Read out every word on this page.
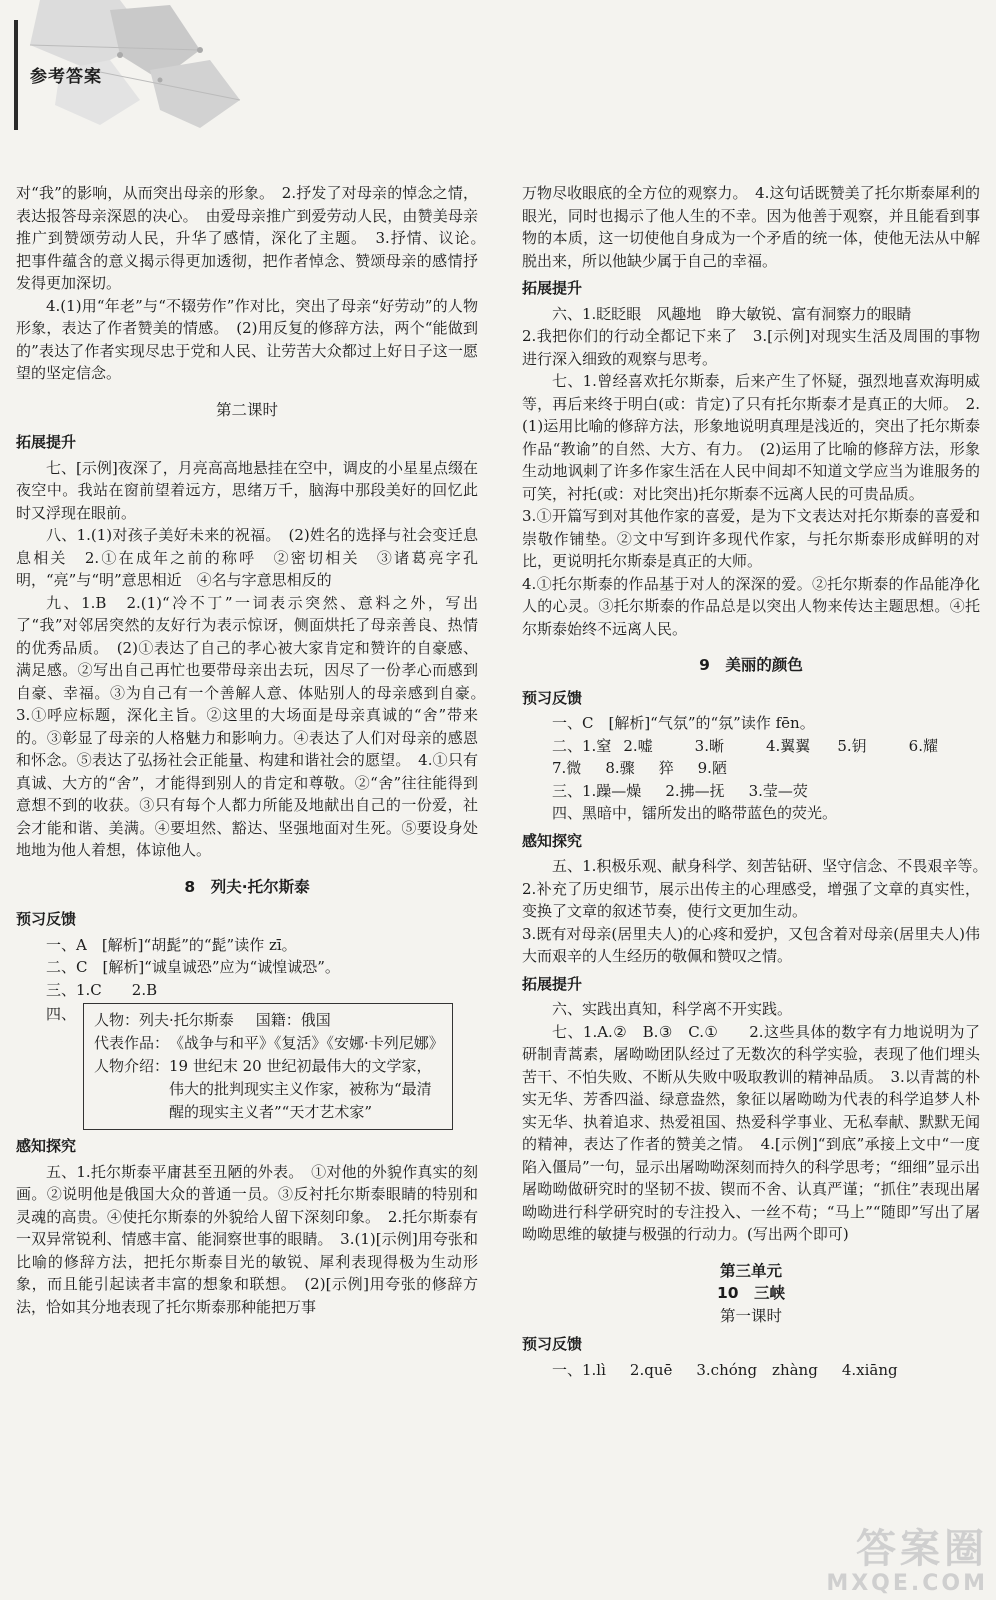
参考答案

对“我”的影响，从而突出母亲的形象。　2.抒发了对母亲的悼念之情，表达报答母亲深恩的决心。　由爱母亲推广到爱劳动人民，由赞美母亲推广到赞颂劳动人民，升华了感情，深化了主题。　3.抒情、议论。　把事件蕴含的意义揭示得更加透彻，把作者悼念、赞颂母亲的感情抒发得更加深切。

4.(1)用“年老”与“不辍劳作”作对比，突出了母亲“好劳动”的人物形象，表达了作者赞美的情感。　(2)用反复的修辞方法，两个“能做到的”表达了作者实现尽忠于党和人民、让劳苦大众都过上好日子这一愿望的坚定信念。

第二课时
拓展提升

七、[示例]夜深了，月亮高高地悬挂在空中，调皮的小星星点缀在夜空中。我站在窗前望着远方，思绪万千，脑海中那段美好的回忆此时又浮现在眼前。

八、1.(1)对孩子美好未来的祝福。　(2)姓名的选择与社会变迁息息相关　2.①在成年之前的称呼　②密切相关　③诸葛亮字孔明，“亮”与“明”意思相近　④名与字意思相反的

九、1.B　2.(1)“冷不丁”一词表示突然、意料之外，写出了“我”对邻居突然的友好行为表示惊讶，侧面烘托了母亲善良、热情的优秀品质。　(2)①表达了自己的孝心被大家肯定和赞许的自豪感、满足感。②写出自己再忙也要带母亲出去玩，因尽了一份孝心而感到自豪、幸福。③为自己有一个善解人意、体贴别人的母亲感到自豪。　3.①呼应标题，深化主旨。②这里的大场面是母亲真诚的“舍”带来的。③彰显了母亲的人格魅力和影响力。④表达了人们对母亲的感恩和怀念。⑤表达了弘扬社会正能量、构建和谐社会的愿望。　4.①只有真诚、大方的“舍”，才能得到别人的肯定和尊敬。②“舍”往往能得到意想不到的收获。③只有每个人都力所能及地献出自己的一份爱，社会才能和谐、美满。④要坦然、豁达、坚强地面对生死。⑤要设身处地地为他人着想，体谅他人。

8　列夫·托尔斯泰
预习反馈

一、A　[解析]“胡髭”的“髭”读作 zī。

二、C　[解析]“诚皇诚恐”应为“诚惶诚恐”。

三、1.C　　2.B

四、	人物：列夫·托尔斯泰 国籍：俄国
代表作品： 《战争与和平》《复活》《安娜·卡列尼娜》
人物介绍： 19 世纪末 20 世纪初最伟大的文学家，伟大的批判现实主义作家，被称为“最清醒的现实主义者”“天才艺术家”
感知探究

五、1.托尔斯泰平庸甚至丑陋的外表。　①对他的外貌作真实的刻画。②说明他是俄国大众的普通一员。③反衬托尔斯泰眼睛的特别和灵魂的高贵。④使托尔斯泰的外貌给人留下深刻印象。　2.托尔斯泰有一双异常锐利、情感丰富、能洞察世事的眼睛。　3.(1)[示例]用夸张和比喻的修辞方法，把托尔斯泰目光的敏锐、犀利表现得极为生动形象，而且能引起读者丰富的想象和联想。　(2)[示例]用夸张的修辞方法，恰如其分地表现了托尔斯泰那种能把万事

万物尽收眼底的全方位的观察力。　4.这句话既赞美了托尔斯泰犀利的眼光，同时也揭示了他人生的不幸。因为他善于观察，并且能看到事物的本质，这一切使他自身成为一个矛盾的统一体，使他无法从中解脱出来，所以他缺少属于自己的幸福。

拓展提升

六、1.眨眨眼　风趣地　睁大敏锐、富有洞察力的眼睛

2.我把你们的行动全都记下来了　3.[示例]对现实生活及周围的事物进行深入细致的观察与思考。

七、1.曾经喜欢托尔斯泰，后来产生了怀疑，强烈地喜欢海明威等，再后来终于明白(或：肯定)了只有托尔斯泰才是真正的大师。　2.(1)运用比喻的修辞方法，形象地说明真理是浅近的，突出了托尔斯泰作品“教谕”的自然、大方、有力。　(2)运用了比喻的修辞方法，形象生动地讽刺了许多作家生活在人民中间却不知道文学应当为谁服务的可笑，衬托(或：对比突出)托尔斯泰不远离人民的可贵品质。

3.①开篇写到对其他作家的喜爱，是为下文表达对托尔斯泰的喜爱和崇敬作铺垫。②文中写到许多现代作家，与托尔斯泰形成鲜明的对比，更说明托尔斯泰是真正的大师。

4.①托尔斯泰的作品基于对人的深深的爱。②托尔斯泰的作品能净化人的心灵。③托尔斯泰的作品总是以突出人物来传达主题思想。④托尔斯泰始终不远离人民。

9　美丽的颜色
预习反馈

一、C　[解析]“气氛”的“氛”读作 fēn。

二、1.窒 2.嘘	3.晰	4.翼翼	5.钥	6.耀
7.微 8.骤 猝 9.陋
三、1.躁—燥 2.拂—抚 3.莹—荧

四、黑暗中，镭所发出的略带蓝色的荧光。

感知探究

五、1.积极乐观、献身科学、刻苦钻研、坚守信念、不畏艰辛等。　2.补充了历史细节，展示出传主的心理感受，增强了文章的真实性，变换了文章的叙述节奏，使行文更加生动。

3.既有对母亲(居里夫人)的心疼和爱护，又包含着对母亲(居里夫人)伟大而艰辛的人生经历的敬佩和赞叹之情。

拓展提升

六、实践出真知，科学离不开实践。

七、1.A.②　B.③　C.①　　2.这些具体的数字有力地说明为了研制青蒿素，屠呦呦团队经过了无数次的科学实验，表现了他们埋头苦干、不怕失败、不断从失败中吸取教训的精神品质。　3.以青蒿的朴实无华、芳香四溢、绿意盎然，象征以屠呦呦为代表的科学追梦人朴实无华、执着追求、热爱祖国、热爱科学事业、无私奉献、默默无闻的精神，表达了作者的赞美之情。　4.[示例]“到底”承接上文中“一度陷入僵局”一句，显示出屠呦呦深刻而持久的科学思考；“细细”显示出屠呦呦做研究时的坚韧不拔、锲而不舍、认真严谨；“抓住”表现出屠呦呦进行科学研究时的专注投入、一丝不苟；“马上”“随即”写出了屠呦呦思维的敏捷与极强的行动力。(写出两个即可)

第三单元
10　三峡
第一课时
预习反馈
一、1.lì 2.quē 3.chóng　zhàng 4.xiāng
答案圈
MXQE.COM
